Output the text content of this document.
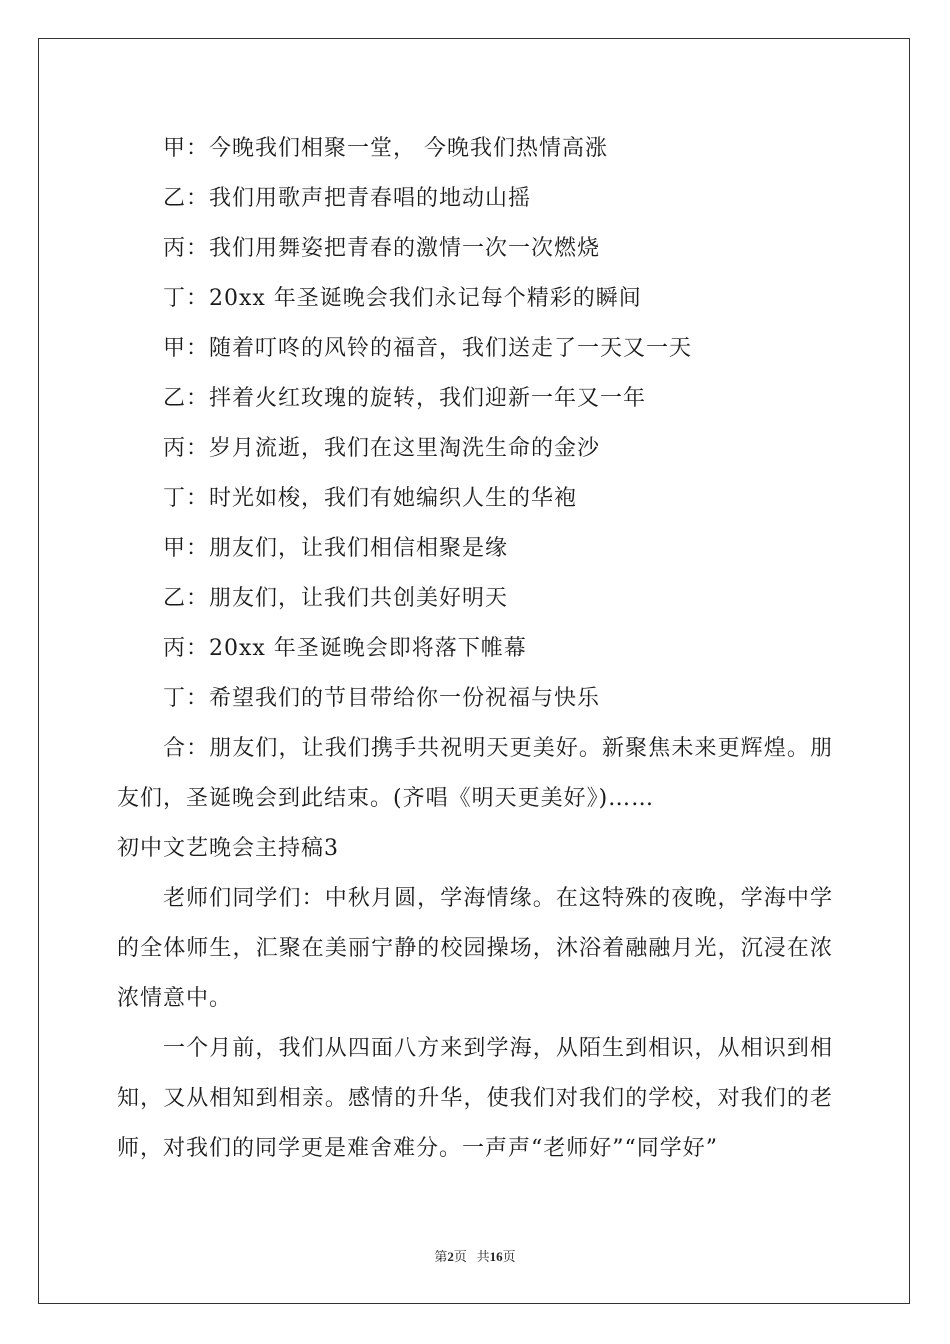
甲：今晚我们相聚一堂， 今晚我们热情高涨
乙：我们用歌声把青春唱的地动山摇
丙：我们用舞姿把青春的激情一次一次燃烧
丁：20xx 年圣诞晚会我们永记每个精彩的瞬间
甲：随着叮咚的风铃的福音，我们送走了一天又一天
乙：拌着火红玫瑰的旋转，我们迎新一年又一年
丙：岁月流逝，我们在这里淘洗生命的金沙
丁：时光如梭，我们有她编织人生的华袍
甲：朋友们，让我们相信相聚是缘
乙：朋友们，让我们共创美好明天
丙：20xx 年圣诞晚会即将落下帷幕
丁：希望我们的节目带给你一份祝福与快乐
合：朋友们，让我们携手共祝明天更美好。新聚焦未来更辉煌。朋友们，圣诞晚会到此结束。(齐唱《明天更美好》)……
初中文艺晚会主持稿3
老师们同学们：中秋月圆，学海情缘。在这特殊的夜晚，学海中学的全体师生，汇聚在美丽宁静的校园操场，沐浴着融融月光，沉浸在浓浓情意中。
一个月前，我们从四面八方来到学海，从陌生到相识，从相识到相知，又从相知到相亲。感情的升华，使我们对我们的学校，对我们的老师，对我们的同学更是难舍难分。一声声“老师好”“同学好”
第2页 共16页
